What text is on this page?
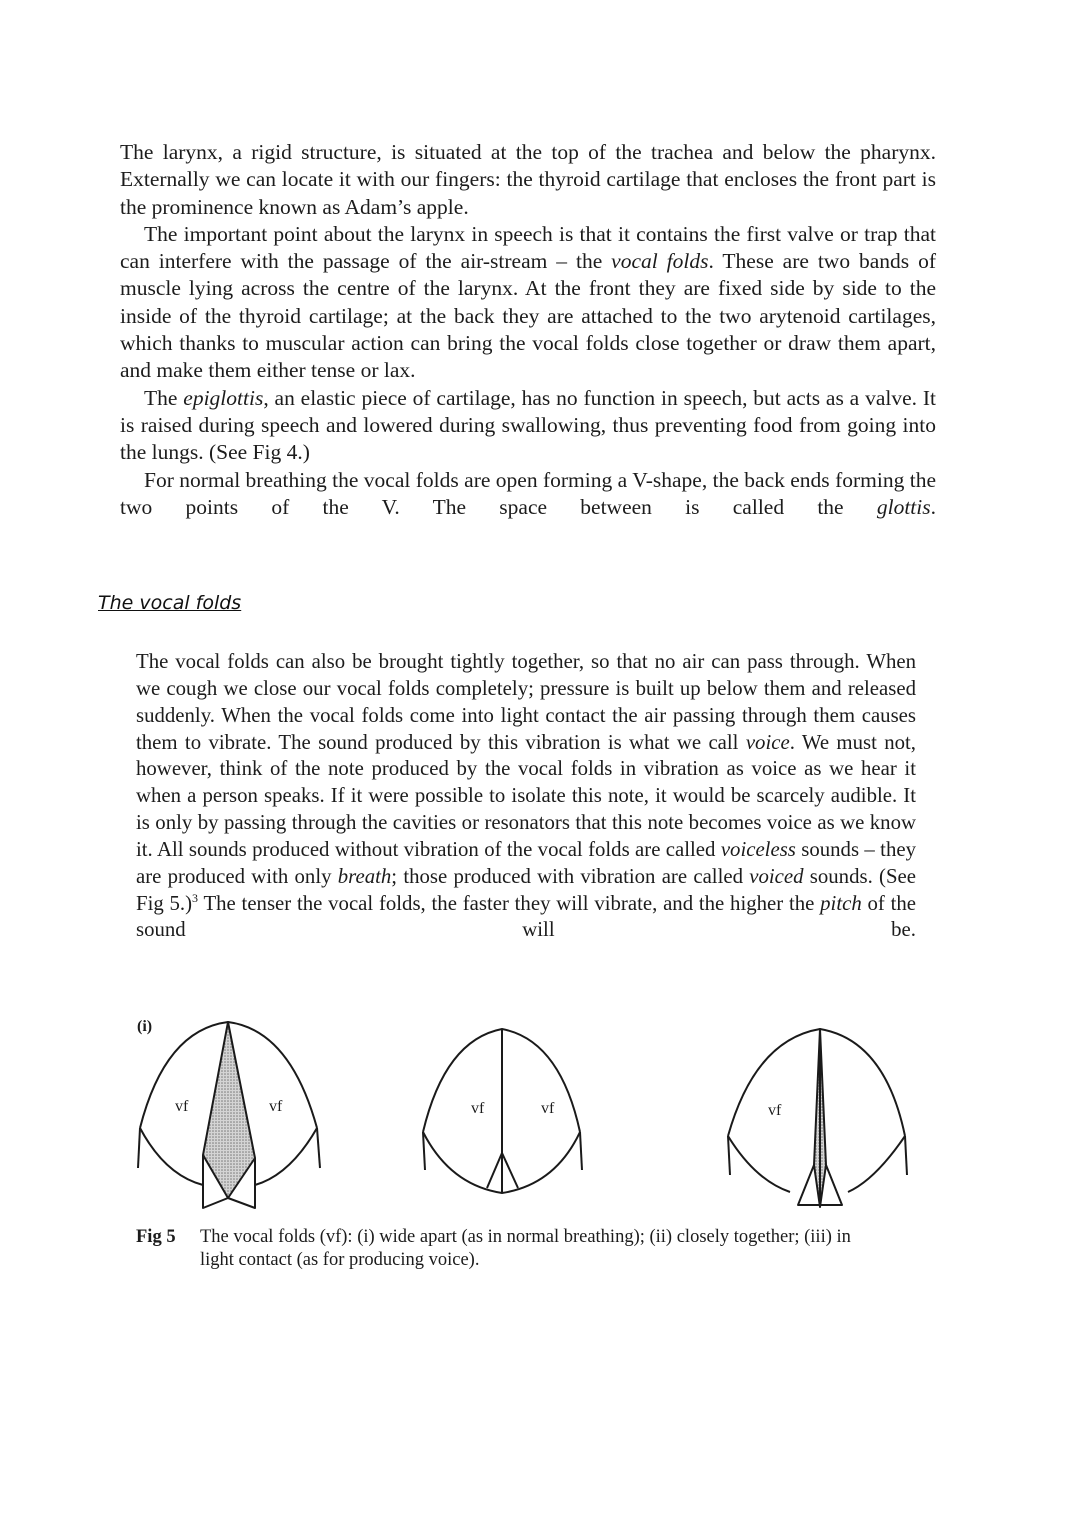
The larynx, a rigid structure, is situated at the top of the trachea and below the pharynx. Externally we can locate it with our fingers: the thyroid cartilage that encloses the front part is the prominence known as Adam’s apple.

The important point about the larynx in speech is that it contains the first valve or trap that can interfere with the passage of the air-stream – the vocal folds. These are two bands of muscle lying across the centre of the larynx. At the front they are fixed side by side to the inside of the thyroid cartilage; at the back they are attached to the two arytenoid cartilages, which thanks to muscular action can bring the vocal folds close together or draw them apart, and make them either tense or lax.

The epiglottis, an elastic piece of cartilage, has no function in speech, but acts as a valve. It is raised during speech and lowered during swallowing, thus preventing food from going into the lungs. (See Fig 4.)

For normal breathing the vocal folds are open forming a V-shape, the back ends forming the two points of the V. The space between is called the glottis.

The vocal folds

The vocal folds can also be brought tightly together, so that no air can pass through. When we cough we close our vocal folds completely; pressure is built up below them and released suddenly. When the vocal folds come into light contact the air passing through them causes them to vibrate. The sound produced by this vibration is what we call voice. We must not, however, think of the note produced by the vocal folds in vibration as voice as we hear it when a person speaks. If it were possible to isolate this note, it would be scarcely audible. It is only by passing through the cavities or resonators that this note becomes voice as we know it. All sounds produced without vibration of the vocal folds are called voiceless sounds – they are produced with only breath; those produced with vibration are called voiced sounds. (See Fig 5.)$^3$ The tenser the vocal folds, the faster they will vibrate, and the higher the pitch of the sound will be.

(i)
vf	vf	vf	vf	vf
Fig 5 The vocal folds (vf): (i) wide apart (as in normal breathing); (ii) closely together; (iii) in light contact (as for producing voice).
